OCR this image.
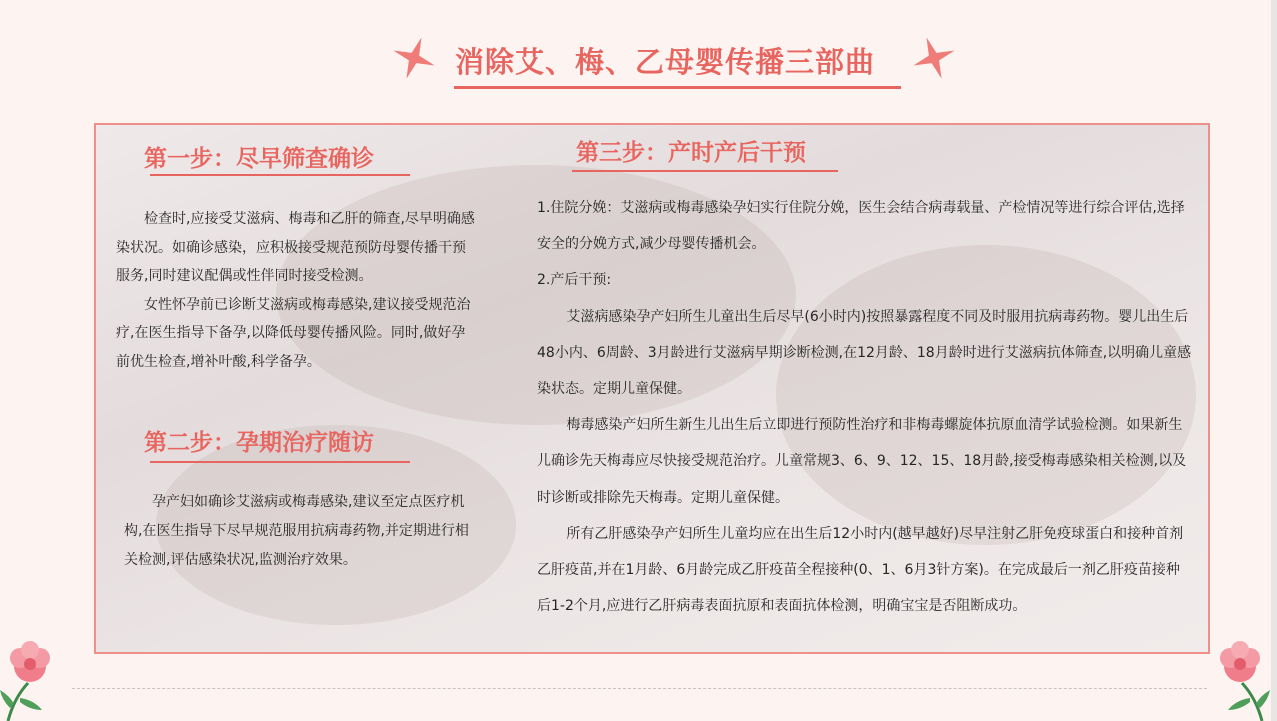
消除艾、梅、乙母婴传播三部曲
第一步：尽早筛查确诊

检查时,应接受艾滋病、梅毒和乙肝的筛查,尽早明确感染状况。如确诊感染，应积极接受规范预防母婴传播干预服务,同时建议配偶或性伴同时接受检测。

女性怀孕前已诊断艾滋病或梅毒感染,建议接受规范治疗,在医生指导下备孕,以降低母婴传播风险。同时,做好孕前优生检查,增补叶酸,科学备孕。

第二步：孕期治疗随访

孕产妇如确诊艾滋病或梅毒感染,建议至定点医疗机构,在医生指导下尽早规范服用抗病毒药物,并定期进行相关检测,评估感染状况,监测治疗效果。

第三步：产时产后干预

1.住院分娩：艾滋病或梅毒感染孕妇实行住院分娩，医生会结合病毒载量、产检情况等进行综合评估,选择安全的分娩方式,减少母婴传播机会。

2.产后干预:

艾滋病感染孕产妇所生儿童出生后尽早(6小时内)按照暴露程度不同及时服用抗病毒药物。婴儿出生后48小内、6周龄、3月龄进行艾滋病早期诊断检测,在12月龄、18月龄时进行艾滋病抗体筛查,以明确儿童感染状态。定期儿童保健。

梅毒感染产妇所生新生儿出生后立即进行预防性治疗和非梅毒螺旋体抗原血清学试验检测。如果新生儿确诊先天梅毒应尽快接受规范治疗。儿童常规3、6、9、12、15、18月龄,接受梅毒感染相关检测,以及时诊断或排除先天梅毒。定期儿童保健。

所有乙肝感染孕产妇所生儿童均应在出生后12小时内(越早越好)尽早注射乙肝免疫球蛋白和接种首剂乙肝疫苗,并在1月龄、6月龄完成乙肝疫苗全程接种(0、1、6月3针方案)。在完成最后一剂乙肝疫苗接种后1-2个月,应进行乙肝病毒表面抗原和表面抗体检测，明确宝宝是否阻断成功。
